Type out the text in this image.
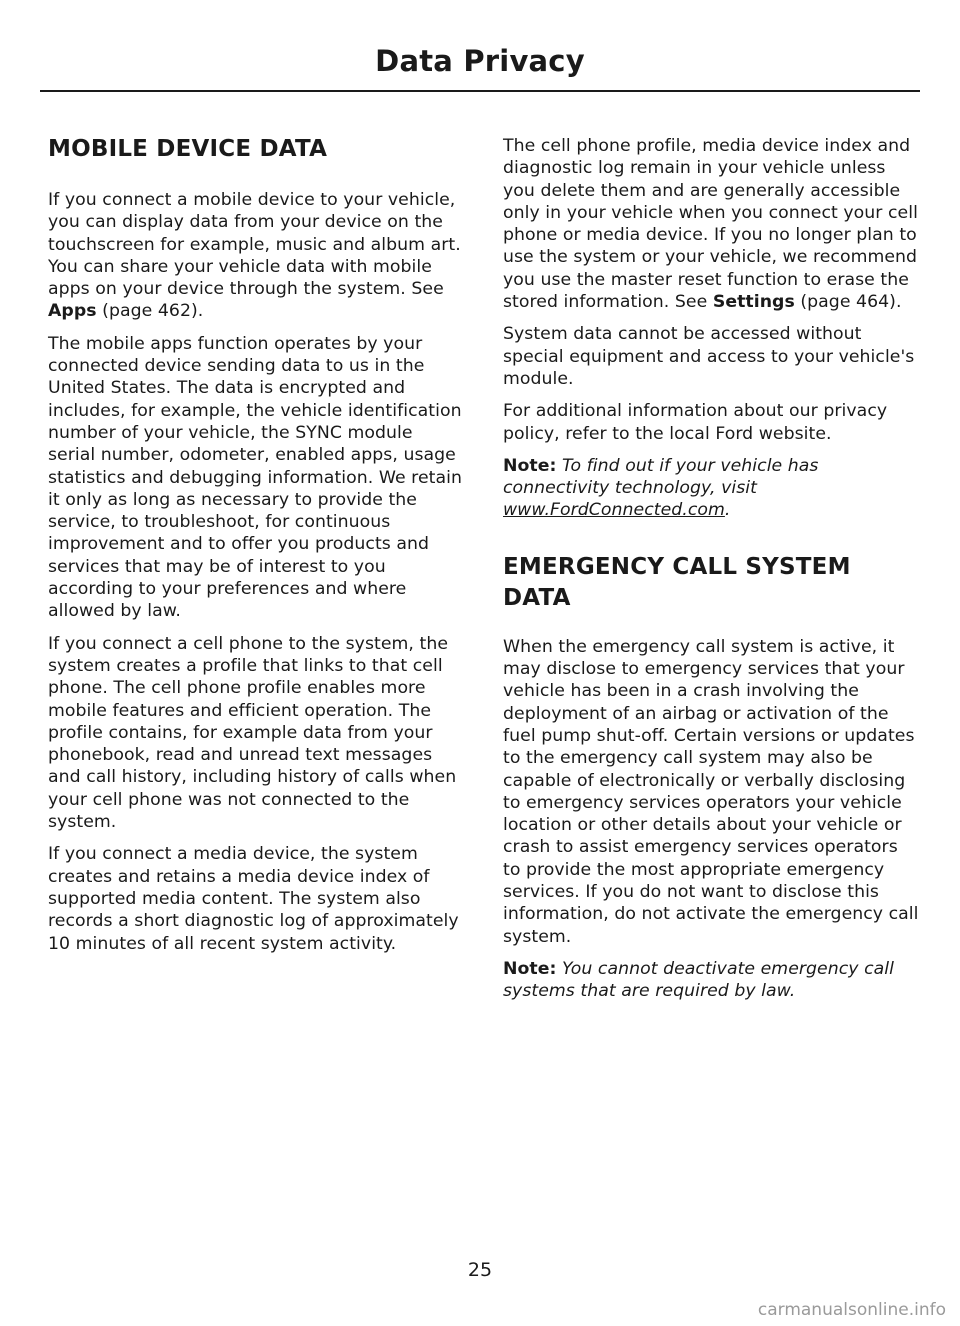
Data Privacy
MOBILE DEVICE DATA

If you connect a mobile device to your vehicle, you can display data from your device on the touchscreen for example, music and album art. You can share your vehicle data with mobile apps on your device through the system. See Apps (page 462).

The mobile apps function operates by your connected device sending data to us in the United States. The data is encrypted and includes, for example, the vehicle identification number of your vehicle, the SYNC module serial number, odometer, enabled apps, usage statistics and debugging information. We retain it only as long as necessary to provide the service, to troubleshoot, for continuous improvement and to offer you products and services that may be of interest to you according to your preferences and where allowed by law.

If you connect a cell phone to the system, the system creates a profile that links to that cell phone. The cell phone profile enables more mobile features and efficient operation. The profile contains, for example data from your phonebook, read and unread text messages and call history, including history of calls when your cell phone was not connected to the system.

If you connect a media device, the system creates and retains a media device index of supported media content. The system also records a short diagnostic log of approximately 10 minutes of all recent system activity.

The cell phone profile, media device index and diagnostic log remain in your vehicle unless you delete them and are generally accessible only in your vehicle when you connect your cell phone or media device. If you no longer plan to use the system or your vehicle, we recommend you use the master reset function to erase the stored information. See Settings (page 464).

System data cannot be accessed without special equipment and access to your vehicle's module.

For additional information about our privacy policy, refer to the local Ford website.

Note: To find out if your vehicle has connectivity technology, visit www.FordConnected.com.

EMERGENCY CALL SYSTEM DATA

When the emergency call system is active, it may disclose to emergency services that your vehicle has been in a crash involving the deployment of an airbag or activation of the fuel pump shut-off. Certain versions or updates to the emergency call system may also be capable of electronically or verbally disclosing to emergency services operators your vehicle location or other details about your vehicle or crash to assist emergency services operators to provide the most appropriate emergency services. If you do not want to disclose this information, do not activate the emergency call system.

Note: You cannot deactivate emergency call systems that are required by law.

25
carmanualsonline.info
